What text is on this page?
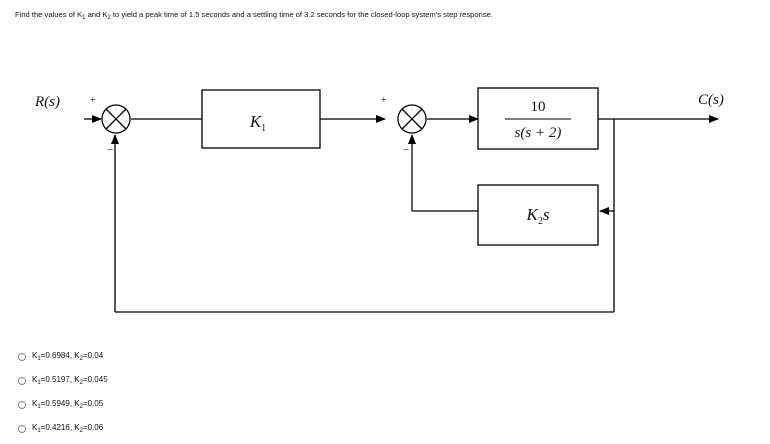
Find the values of $K_1$ and $K_2$ to yield a peak time of 1.5 seconds and a settling time of 3.2 seconds for the closed-loop system's step response.
R(s)	C(s)
+
−
+
−
$K_1$
10
s(s + 2)
$K_2s$
$K_1=0.6984$, $K_2=0.04$
$K_1=0.5197$, $K_2=0.045$
$K_1=0.5949$, $K_2=0.05$
$K_1=0.4216$, $K_2=0.06$
